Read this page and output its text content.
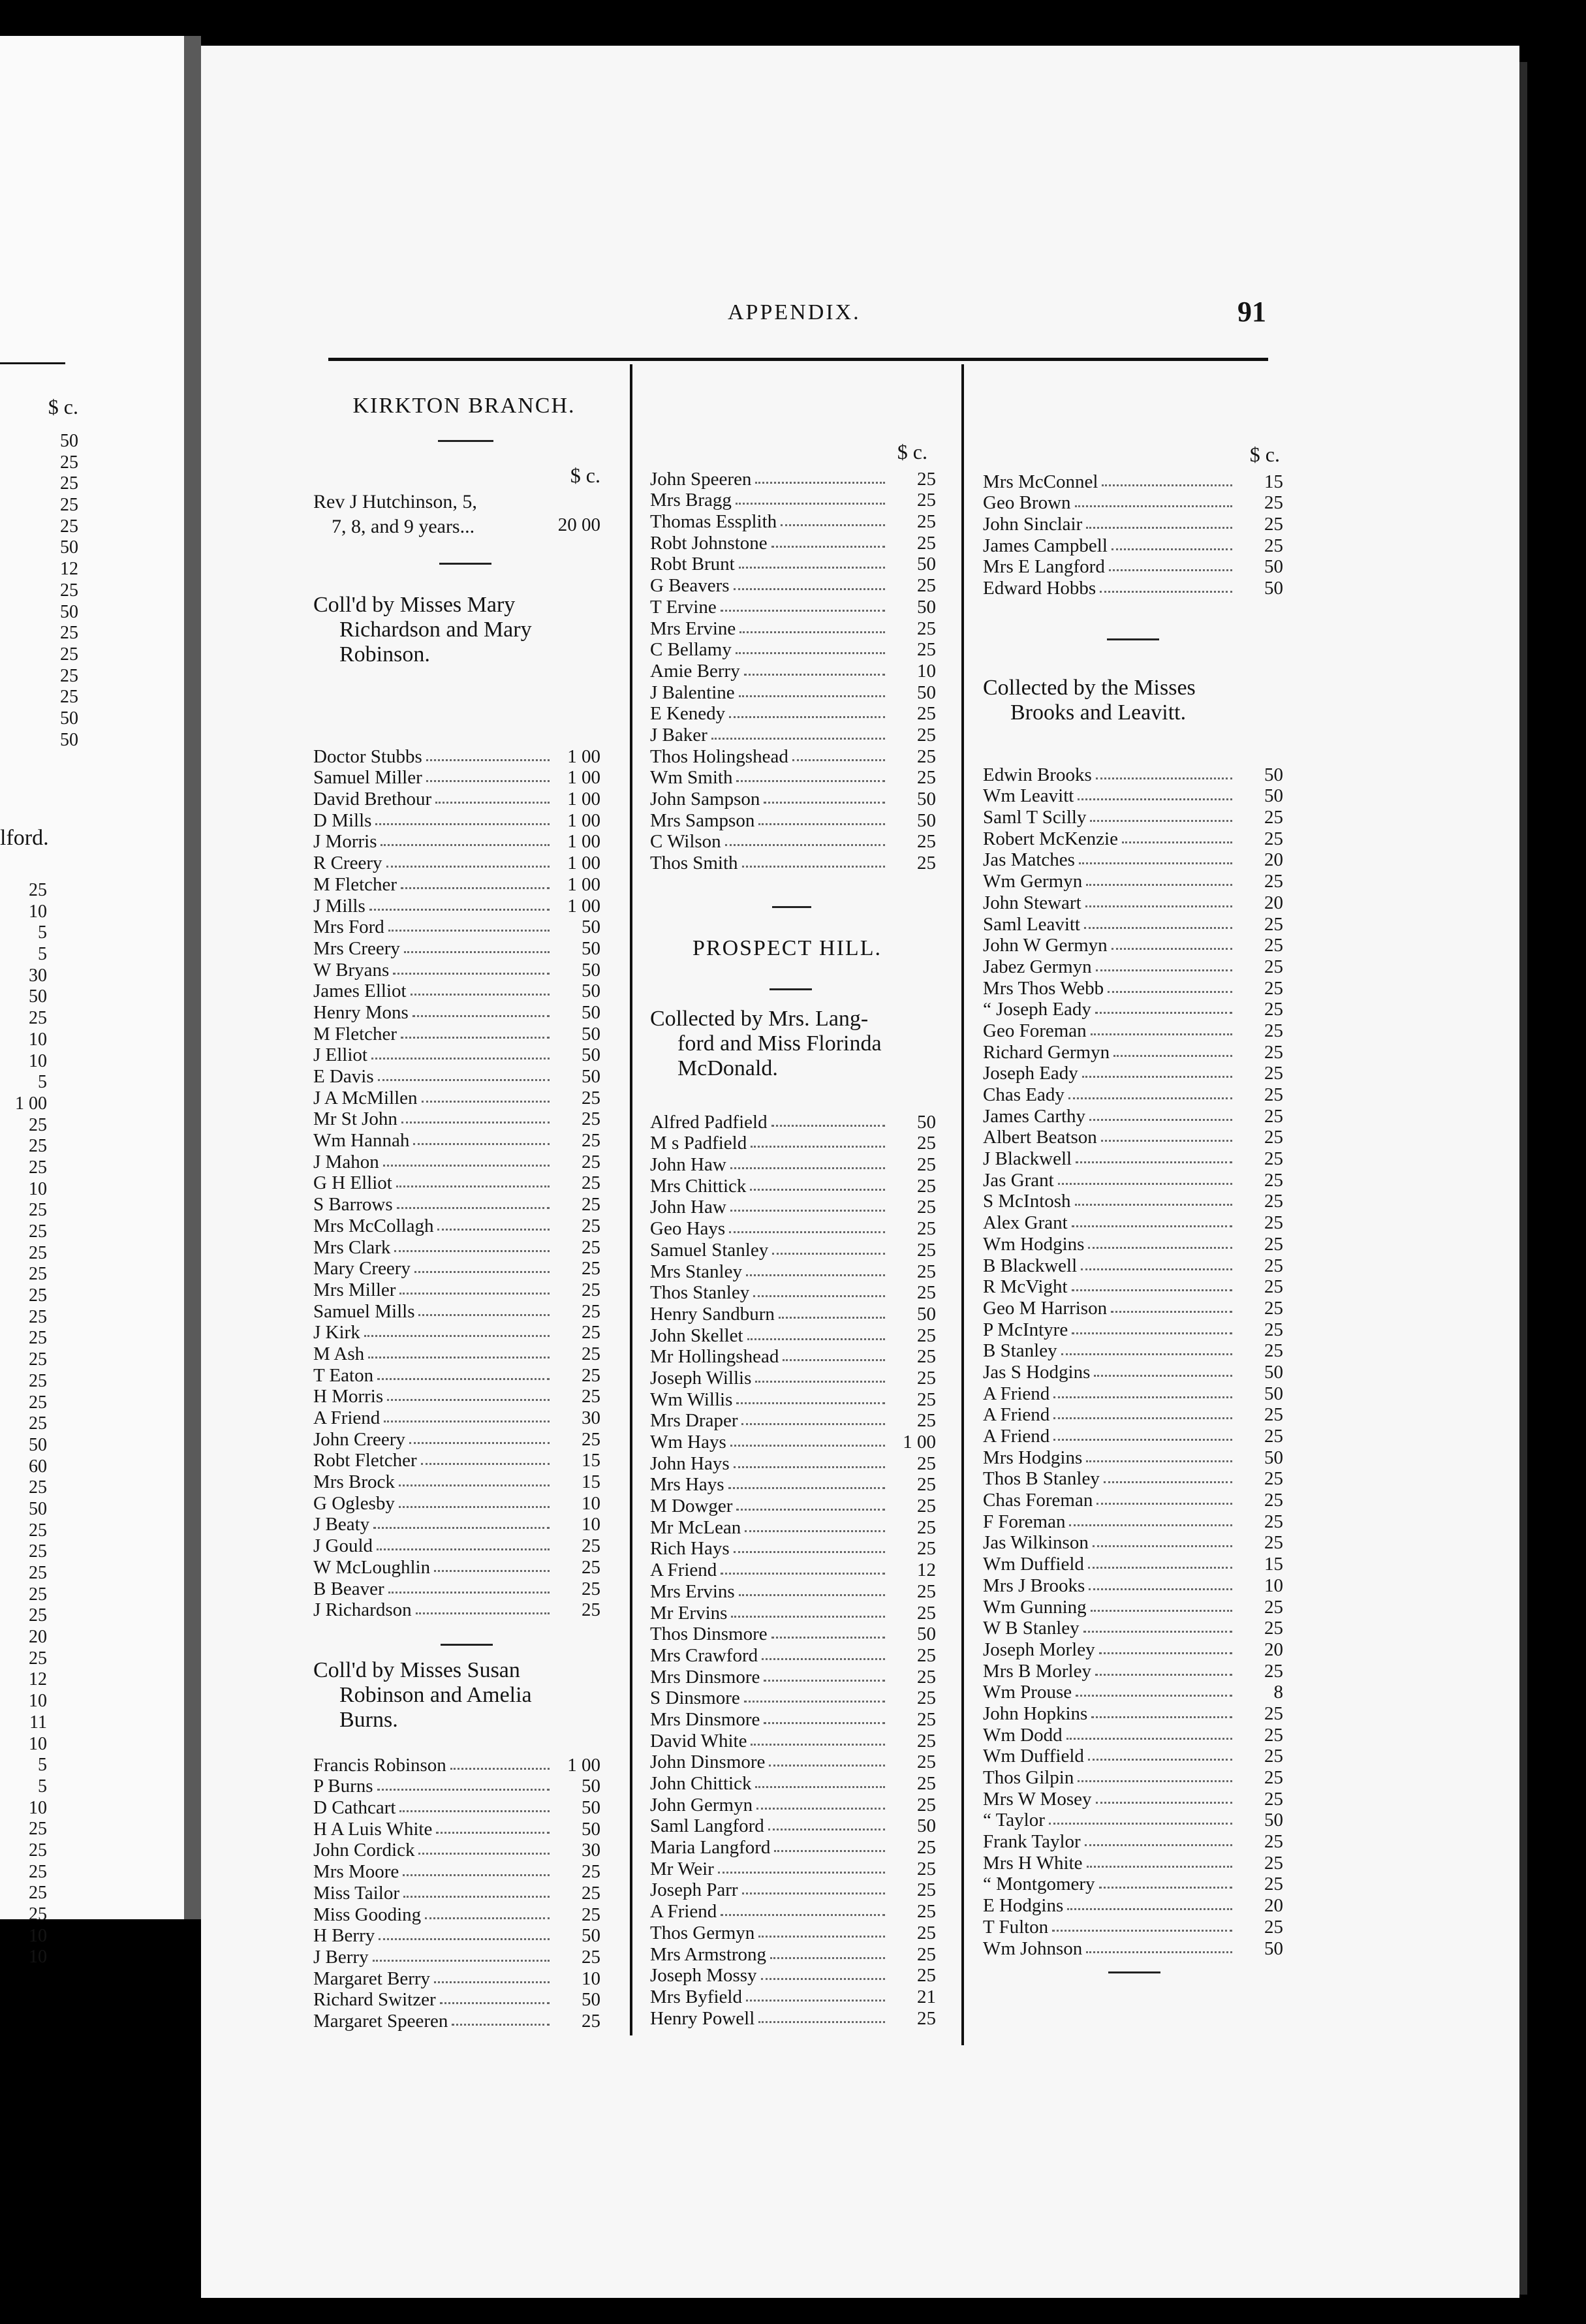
$ c.
50
25
25
25
25
50
12
25
50
25
25
25
25
50
50
lford.
25
10
5
5
30
50
25
10
10
5
1 00
25
25
25
10
25
25
25
25
25
25
25
25
25
25
25
50
60
25
50
25
25
25
25
25
20
25
12
10
11
10
5
5
10
25
25
25
25
25
10
10
APPENDIX.	91
KIRKTON BRANCH.
$ c.
Rev J Hutchinson, 5,
7, 8, and 9 years...	20 00
Coll'd by Misses Mary
Richardson and Mary
Robinson.
Doctor Stubbs	1 00
Samuel Miller	1 00
David Brethour	1 00
D Mills	1 00
J Morris	1 00
R Creery	1 00
M Fletcher	1 00
J Mills	1 00
Mrs Ford	50
Mrs Creery	50
W Bryans	50
James Elliot	50
Henry Mons	50
M Fletcher	50
J Elliot	50
E Davis	50
J A McMillen	25
Mr St John	25
Wm Hannah	25
J Mahon	25
G H Elliot	25
S Barrows	25
Mrs McCollagh	25
Mrs Clark	25
Mary Creery	25
Mrs Miller	25
Samuel Mills	25
J Kirk	25
M Ash	25
T Eaton	25
H Morris	25
A Friend	30
John Creery	25
Robt Fletcher	15
Mrs Brock	15
G Oglesby	10
J Beaty	10
J Gould	25
W McLoughlin	25
B Beaver	25
J Richardson	25
Coll'd by Misses Susan
Robinson and Amelia
Burns.
Francis Robinson	1 00
P Burns	50
D Cathcart	50
H A Luis White	50
John Cordick	30
Mrs Moore	25
Miss Tailor	25
Miss Gooding	25
H Berry	50
J Berry	25
Margaret Berry	10
Richard Switzer	50
Margaret Speeren	25
$ c.
John Speeren	25
Mrs Bragg	25
Thomas Essplith	25
Robt Johnstone	25
Robt Brunt	50
G Beavers	25
T Ervine	50
Mrs Ervine	25
C Bellamy	25
Amie Berry	10
J Balentine	50
E Kenedy	25
J Baker	25
Thos Holingshead	25
Wm Smith	25
John Sampson	50
Mrs Sampson	50
C Wilson	25
Thos Smith	25
PROSPECT HILL.
Collected by Mrs. Lang-
ford and Miss Florinda
McDonald.
Alfred Padfield	50
M s Padfield	25
John Haw	25
Mrs Chittick	25
John Haw	25
Geo Hays	25
Samuel Stanley	25
Mrs Stanley	25
Thos Stanley	25
Henry Sandburn	50
John Skellet	25
Mr Hollingshead	25
Joseph Willis	25
Wm Willis	25
Mrs Draper	25
Wm Hays	1 00
John Hays	25
Mrs Hays	25
M Dowger	25
Mr McLean	25
Rich Hays	25
A Friend	12
Mrs Ervins	25
Mr Ervins	25
Thos Dinsmore	50
Mrs Crawford	25
Mrs Dinsmore	25
S Dinsmore	25
Mrs Dinsmore	25
David White	25
John Dinsmore	25
John Chittick	25
John Germyn	25
Saml Langford	50
Maria Langford	25
Mr Weir	25
Joseph Parr	25
A Friend	25
Thos Germyn	25
Mrs Armstrong	25
Joseph Mossy	25
Mrs Byfield	21
Henry Powell	25
$ c.
Mrs McConnel	15
Geo Brown	25
John Sinclair	25
James Campbell	25
Mrs E Langford	50
Edward Hobbs	50
Collected by the Misses
Brooks and Leavitt.
Edwin Brooks	50
Wm Leavitt	50
Saml T Scilly	25
Robert McKenzie	25
Jas Matches	20
Wm Germyn	25
John Stewart	20
Saml Leavitt	25
John W Germyn	25
Jabez Germyn	25
Mrs Thos Webb	25
“ Joseph Eady	25
Geo Foreman	25
Richard Germyn	25
Joseph Eady	25
Chas Eady	25
James Carthy	25
Albert Beatson	25
J Blackwell	25
Jas Grant	25
S McIntosh	25
Alex Grant	25
Wm Hodgins	25
B Blackwell	25
R McVight	25
Geo M Harrison	25
P McIntyre	25
B Stanley	25
Jas S Hodgins	50
A Friend	50
A Friend	25
A Friend	25
Mrs Hodgins	50
Thos B Stanley	25
Chas Foreman	25
F Foreman	25
Jas Wilkinson	25
Wm Duffield	15
Mrs J Brooks	10
Wm Gunning	25
W B Stanley	25
Joseph Morley	20
Mrs B Morley	25
Wm Prouse	8
John Hopkins	25
Wm Dodd	25
Wm Duffield	25
Thos Gilpin	25
Mrs W Mosey	25
“ Taylor	50
Frank Taylor	25
Mrs H White	25
“ Montgomery	25
E Hodgins	20
T Fulton	25
Wm Johnson	50
